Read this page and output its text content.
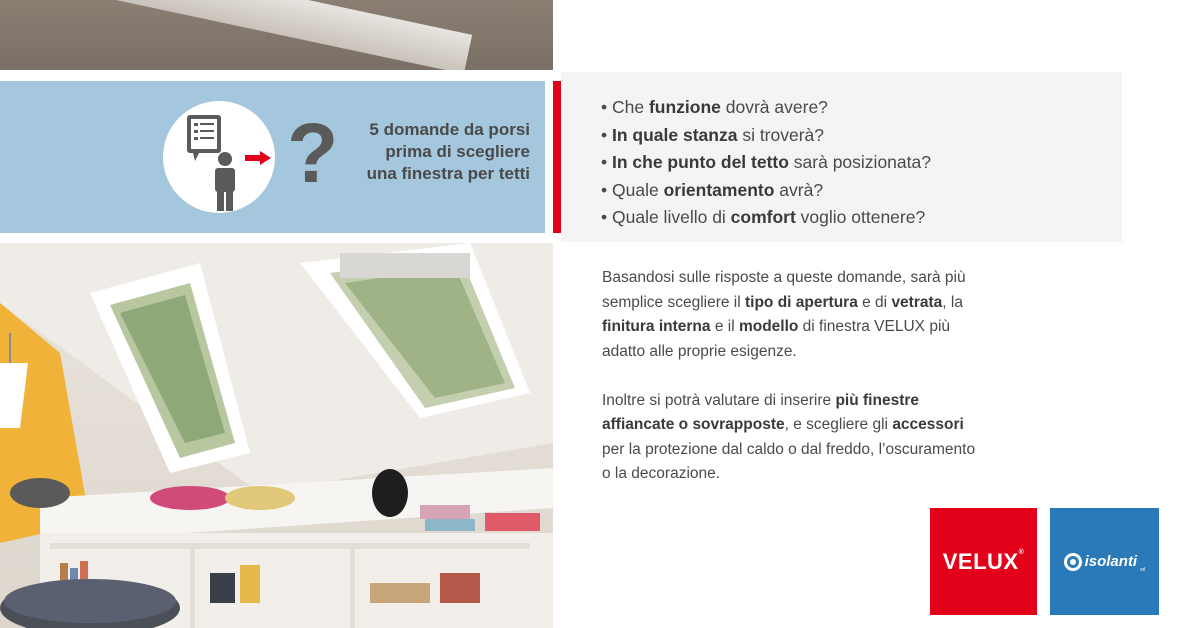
?	5 domande da porsi
prima di scegliere
una finestra per tetti
• Che funzione dovrà avere?
• In quale stanza si troverà?
• In che punto del tetto sarà posizionata?
• Quale orientamento avrà?
• Quale livello di comfort voglio ottenere?

Basandosi sulle risposte a queste domande, sarà più semplice scegliere il tipo di apertura e di vetrata, la finitura interna e il modello di finestra VELUX più adatto alle proprie esigenze.

Inoltre si potrà valutare di inserire più finestre affiancate o sovrapposte, e scegliere gli accessori per la protezione dal caldo o dal freddo, l’oscuramento o la decorazione.

VELUX®
isolanti srl
